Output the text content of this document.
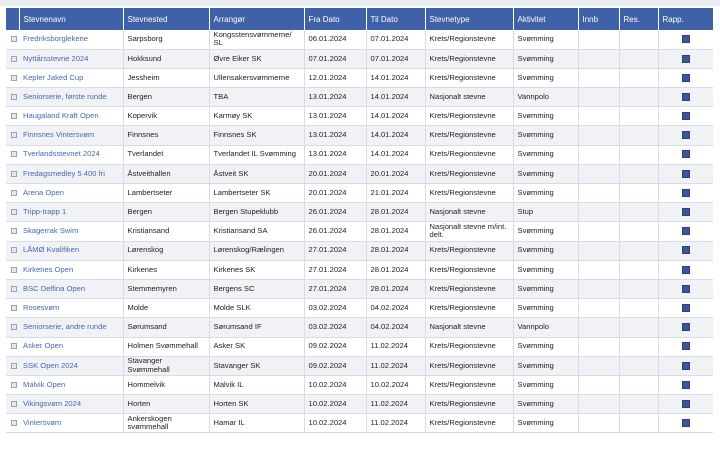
	Stevnenavn	Stevnested	Arrangør	Fra Dato	Til Dato	Stevnetype	Aktivitet	Innb	Res.	Rapp.
	Fredriksborglekene	Sarpsborg	Kongsstensvømmerne/ SL	06.01.2024	07.01.2024	Krets/Regionstevne	Svømming			
	Nyttårsstevne 2024	Hokksund	Øvre Eiker SK	07.01.2024	07.01.2024	Krets/Regionstevne	Svømming			
	Kepler Jaked Cup	Jessheim	Ullensakersvømmerne	12.01.2024	14.01.2024	Krets/Regionstevne	Svømming			
	Seniorserie, første runde	Bergen	TBA	13.01.2024	14.01.2024	Nasjonalt stevne	Vannpolo			
	Haugaland Kraft Open	Kopervik	Karmøy SK	13.01.2024	14.01.2024	Krets/Regionstevne	Svømming			
	Finnsnes Vintersvøm	Finnsnes	Finnsnes SK	13.01.2024	14.01.2024	Krets/Regionstevne	Svømming			
	Tverlandsstevnet 2024	Tverlandet	Tverlandet IL Svømming	13.01.2024	14.01.2024	Krets/Regionstevne	Svømming			
	Fredagsmedley 5 400 fri	Åstveithallen	Åstveit SK	20.01.2024	20.01.2024	Krets/Regionstevne	Svømming			
	Arena Open	Lambertseter	Lambertseter SK	20.01.2024	21.01.2024	Krets/Regionstevne	Svømming			
	Tripp-trapp 1	Bergen	Bergen Stupeklubb	26.01.2024	28.01.2024	Nasjonalt stevne	Stup			
	Skagerrak Swim	Kristiansand	Kristiansand SA	26.01.2024	28.01.2024	Nasjonalt stevne m/int. delt.	Svømming			
	LÅMØ Kvalifiken	Lørenskog	Lørenskog/Rælingen	27.01.2024	28.01.2024	Krets/Regionstevne	Svømming			
	Kirkenes Open	Kirkenes	Kirkenes SK	27.01.2024	28.01.2024	Krets/Regionstevne	Svømming			
	BSC Delfina Open	Stemmemyren	Bergens SC	27.01.2024	28.01.2024	Krets/Regionstevne	Svømming			
	Rosesvøm	Molde	Molde SLK	03.02.2024	04.02.2024	Krets/Regionstevne	Svømming			
	Seniorserie, andre runde	Sørumsand	Sørumsand IF	03.02.2024	04.02.2024	Nasjonalt stevne	Vannpolo			
	Asker Open	Holmen Svømmehall	Asker SK	09.02.2024	11.02.2024	Krets/Regionstevne	Svømming			
	SSK Open 2024	Stavanger Svømmehall	Stavanger SK	09.02.2024	11.02.2024	Krets/Regionstevne	Svømming			
	Malvik Open	Hommelvik	Malvik IL	10.02.2024	10.02.2024	Krets/Regionstevne	Svømming			
	Vikingsvøm 2024	Horten	Horten SK	10.02.2024	11.02.2024	Krets/Regionstevne	Svømming			
	Vintersvøm	Ankerskogen svømmehall	Hamar IL	10.02.2024	11.02.2024	Krets/Regionstevne	Svømming			
